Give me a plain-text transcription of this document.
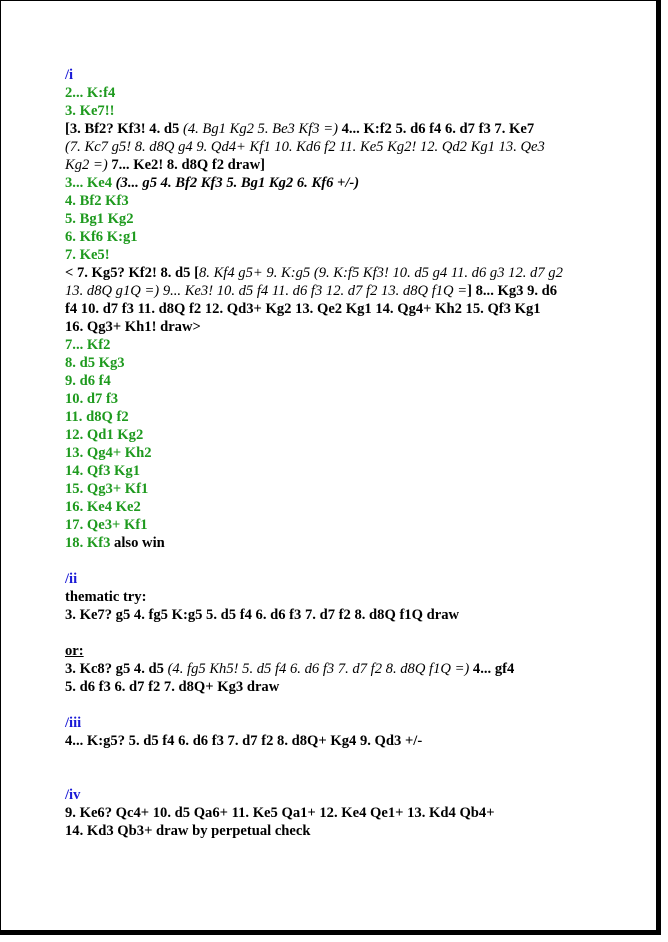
/i
2... K:f4
3. Ke7!!
[3. Bf2? Kf3! 4. d5 (4. Bg1 Kg2 5. Be3 Kf3 =) 4... K:f2 5. d6 f4 6. d7 f3 7. Ke7
(7. Kc7 g5! 8. d8Q g4 9. Qd4+ Kf1 10. Kd6 f2 11. Ke5 Kg2! 12. Qd2 Kg1 13. Qe3
Kg2 =) 7... Ke2! 8. d8Q f2 draw]
3... Ke4 (3... g5 4. Bf2 Kf3 5. Bg1 Kg2 6. Kf6 +/-)
4. Bf2 Kf3
5. Bg1 Kg2
6. Kf6 K:g1
7. Ke5!
< 7. Kg5? Kf2! 8. d5 [8. Kf4 g5+ 9. K:g5 (9. K:f5 Kf3! 10. d5 g4 11. d6 g3 12. d7 g2
13. d8Q g1Q =) 9... Ke3! 10. d5 f4 11. d6 f3 12. d7 f2 13. d8Q f1Q =] 8... Kg3 9. d6
f4 10. d7 f3 11. d8Q f2 12. Qd3+ Kg2 13. Qe2 Kg1 14. Qg4+ Kh2 15. Qf3 Kg1
16. Qg3+ Kh1! draw>
7... Kf2
8. d5 Kg3
9. d6 f4
10. d7 f3
11. d8Q f2
12. Qd1 Kg2
13. Qg4+ Kh2
14. Qf3 Kg1
15. Qg3+ Kf1
16. Ke4 Ke2
17. Qe3+ Kf1
18. Kf3 also win
/ii
thematic try:
3. Ke7? g5 4. fg5 K:g5 5. d5 f4 6. d6 f3 7. d7 f2 8. d8Q f1Q draw
or:
3. Kc8? g5 4. d5 (4. fg5 Kh5! 5. d5 f4 6. d6 f3 7. d7 f2 8. d8Q f1Q =) 4... gf4
5. d6 f3 6. d7 f2 7. d8Q+ Kg3 draw
/iii
4... K:g5? 5. d5 f4 6. d6 f3 7. d7 f2 8. d8Q+ Kg4 9. Qd3 +/-
/iv
9. Ke6? Qc4+ 10. d5 Qa6+ 11. Ke5 Qa1+ 12. Ke4 Qe1+ 13. Kd4 Qb4+
14. Kd3 Qb3+ draw by perpetual check
